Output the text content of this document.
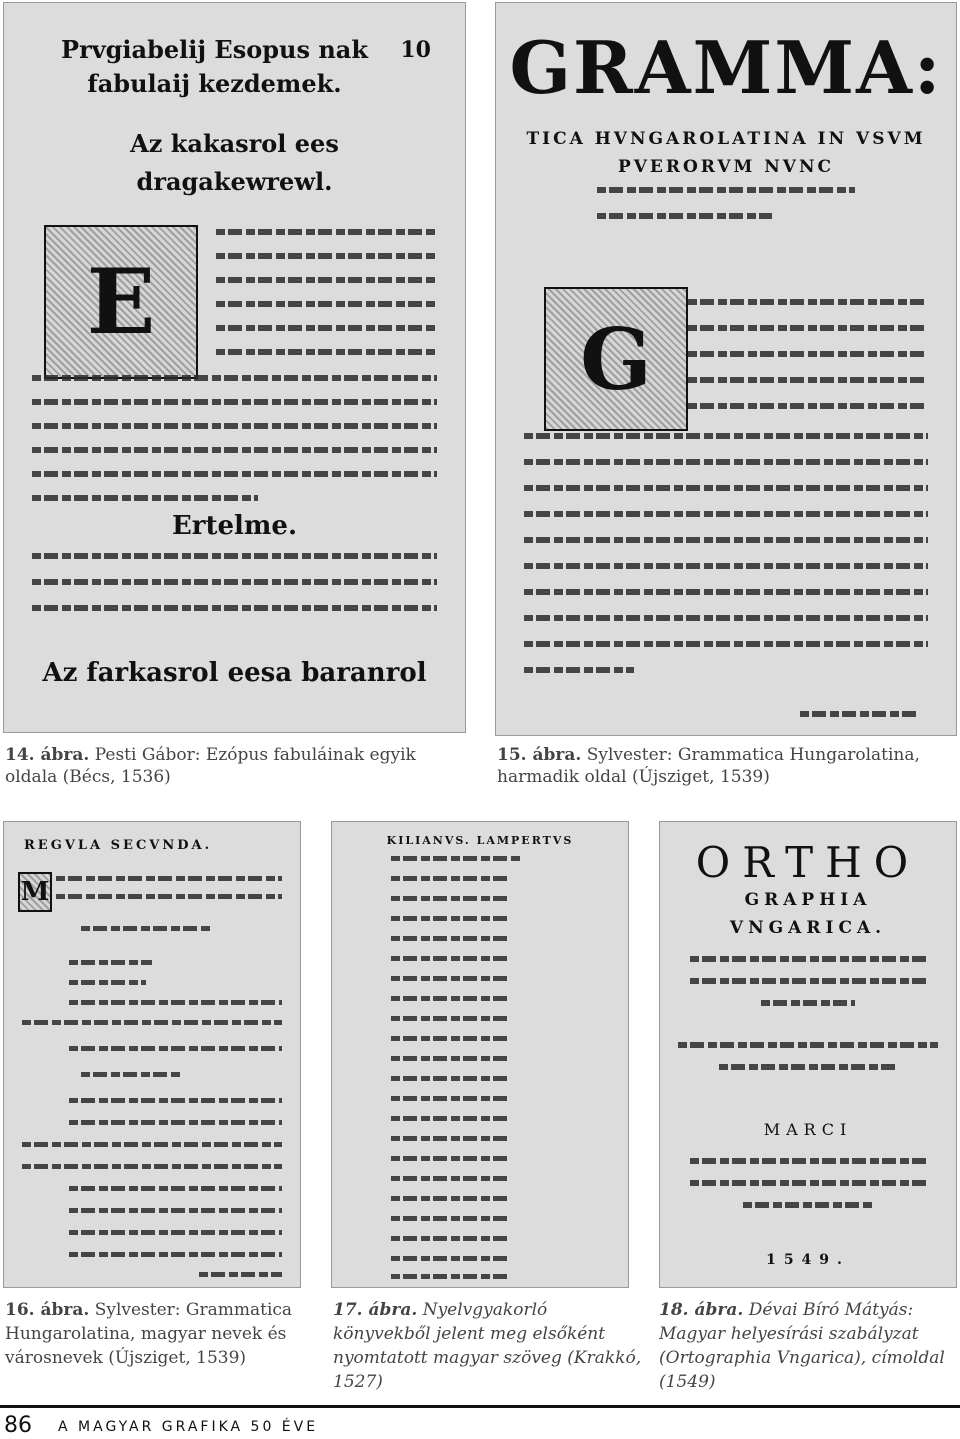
Prvgiabelij Esopus nak fabulaij kezdemek.
10
Az kakasrol ees dragakewrewl.
E
Ertelme.
Az farkasrol eesa baranrol
14. ábra. Pesti Gábor: Ezópus fabuláinak egyik oldala (Bécs, 1536)
GRAMMA:
TICA HVNGAROLATINA IN VSVM PVERORVM NVNC
G
15. ábra. Sylvester: Grammatica Hungarolatina, harmadik oldal (Újsziget, 1539)
REGVLA SECVNDA.
M
16. ábra. Sylvester: Grammatica Hungarolatina, magyar nevek és városnevek (Újsziget, 1539)
KILIANVS. LAMPERTVS
17. ábra. Nyelvgyakorló könyvekből jelent meg elsőként nyomtatott magyar szöveg (Krakkó, 1527)
ORTHO
GRAPHIA VNGARICA.
MARCI
1549.
18. ábra. Dévai Bíró Mátyás: Magyar helyesírási szabályzat (Ortographia Vngarica), címoldal (1549)
86 A MAGYAR GRAFIKA 50 ÉVE
